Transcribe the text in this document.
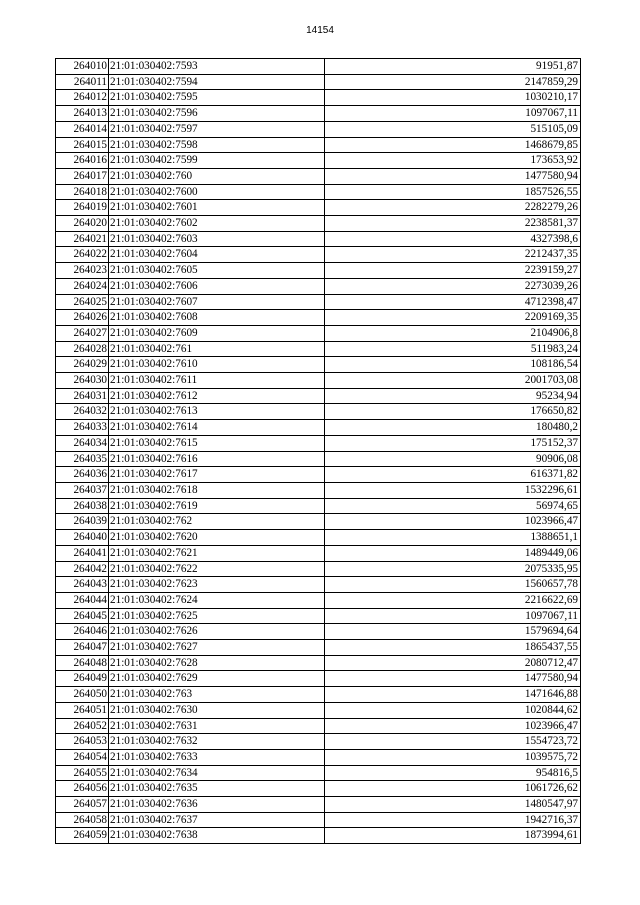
14154
264010	21:01:030402:7593	91951,87
264011	21:01:030402:7594	2147859,29
264012	21:01:030402:7595	1030210,17
264013	21:01:030402:7596	1097067,11
264014	21:01:030402:7597	515105,09
264015	21:01:030402:7598	1468679,85
264016	21:01:030402:7599	173653,92
264017	21:01:030402:760	1477580,94
264018	21:01:030402:7600	1857526,55
264019	21:01:030402:7601	2282279,26
264020	21:01:030402:7602	2238581,37
264021	21:01:030402:7603	4327398,6
264022	21:01:030402:7604	2212437,35
264023	21:01:030402:7605	2239159,27
264024	21:01:030402:7606	2273039,26
264025	21:01:030402:7607	4712398,47
264026	21:01:030402:7608	2209169,35
264027	21:01:030402:7609	2104906,8
264028	21:01:030402:761	511983,24
264029	21:01:030402:7610	108186,54
264030	21:01:030402:7611	2001703,08
264031	21:01:030402:7612	95234,94
264032	21:01:030402:7613	176650,82
264033	21:01:030402:7614	180480,2
264034	21:01:030402:7615	175152,37
264035	21:01:030402:7616	90906,08
264036	21:01:030402:7617	616371,82
264037	21:01:030402:7618	1532296,61
264038	21:01:030402:7619	56974,65
264039	21:01:030402:762	1023966,47
264040	21:01:030402:7620	1388651,1
264041	21:01:030402:7621	1489449,06
264042	21:01:030402:7622	2075335,95
264043	21:01:030402:7623	1560657,78
264044	21:01:030402:7624	2216622,69
264045	21:01:030402:7625	1097067,11
264046	21:01:030402:7626	1579694,64
264047	21:01:030402:7627	1865437,55
264048	21:01:030402:7628	2080712,47
264049	21:01:030402:7629	1477580,94
264050	21:01:030402:763	1471646,88
264051	21:01:030402:7630	1020844,62
264052	21:01:030402:7631	1023966,47
264053	21:01:030402:7632	1554723,72
264054	21:01:030402:7633	1039575,72
264055	21:01:030402:7634	954816,5
264056	21:01:030402:7635	1061726,62
264057	21:01:030402:7636	1480547,97
264058	21:01:030402:7637	1942716,37
264059	21:01:030402:7638	1873994,61
